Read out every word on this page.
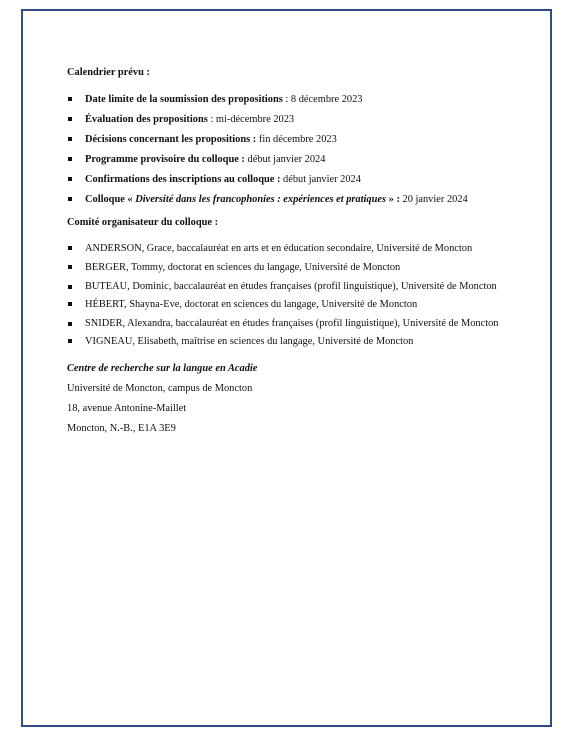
Calendrier prévu :

Date limite de la soumission des propositions : 8 décembre 2023
Évaluation des propositions : mi-décembre 2023
Décisions concernant les propositions : fin décembre 2023
Programme provisoire du colloque : début janvier 2024
Confirmations des inscriptions au colloque : début janvier 2024
Colloque « Diversité dans les francophonies : expériences et pratiques » : 20 janvier 2024

Comité organisateur du colloque :

ANDERSON, Grace, baccalauréat en arts et en éducation secondaire, Université de Moncton
BERGER, Tommy, doctorat en sciences du langage, Université de Moncton
BUTEAU, Dominic, baccalauréat en études françaises (profil linguistique), Université de Moncton
HÉBERT, Shayna-Eve, doctorat en sciences du langage, Université de Moncton
SNIDER, Alexandra, baccalauréat en études françaises (profil linguistique), Université de Moncton
VIGNEAU, Elisabeth, maîtrise en sciences du langage, Université de Moncton
Centre de recherche sur la langue en Acadie
Université de Moncton, campus de Moncton
18, avenue Antonine-Maillet
Moncton, N.-B., E1A 3E9
